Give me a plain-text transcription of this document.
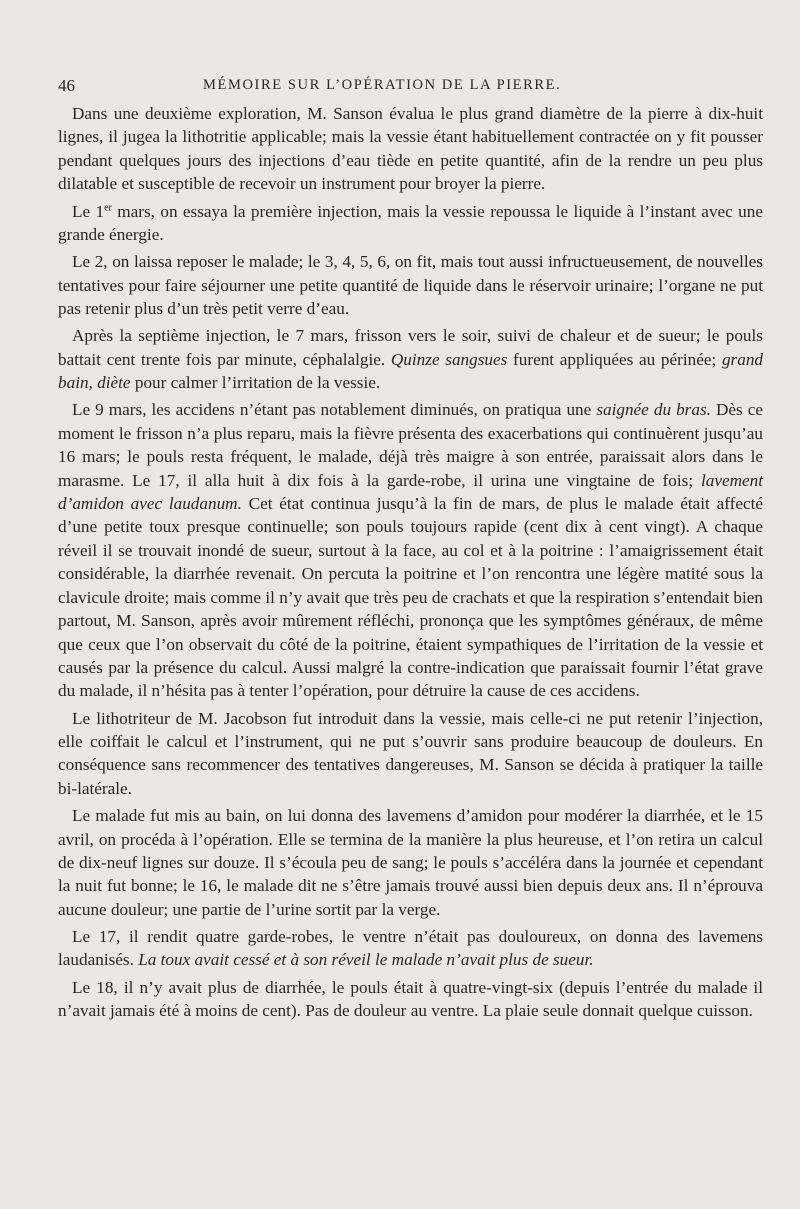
46	MÉMOIRE SUR L’OPÉRATION DE LA PIERRE.

Dans une deuxième exploration, M. Sanson évalua le plus grand diamètre de la pierre à dix-huit lignes, il jugea la lithotritie applicable; mais la vessie étant habituellement contractée on y fit pousser pendant quelques jours des injections d’eau tiède en petite quantité, afin de la rendre un peu plus dilatable et susceptible de recevoir un instrument pour broyer la pierre.

Le 1er mars, on essaya la première injection, mais la vessie repoussa le liquide à l’instant avec une grande énergie.

Le 2, on laissa reposer le malade; le 3, 4, 5, 6, on fit, mais tout aussi infructueusement, de nouvelles tentatives pour faire séjourner une petite quantité de liquide dans le réservoir urinaire; l’organe ne put pas retenir plus d’un très petit verre d’eau.

Après la septième injection, le 7 mars, frisson vers le soir, suivi de chaleur et de sueur; le pouls battait cent trente fois par minute, céphalalgie. Quinze sangsues furent appliquées au périnée; grand bain, diète pour calmer l’irritation de la vessie.

Le 9 mars, les accidens n’étant pas notablement diminués, on pratiqua une saignée du bras. Dès ce moment le frisson n’a plus reparu, mais la fièvre présenta des exacerbations qui continuèrent jusqu’au 16 mars; le pouls resta fréquent, le malade, déjà très maigre à son entrée, paraissait alors dans le marasme. Le 17, il alla huit à dix fois à la garde-robe, il urina une vingtaine de fois; lavement d’amidon avec laudanum. Cet état continua jusqu’à la fin de mars, de plus le malade était affecté d’une petite toux presque continuelle; son pouls toujours rapide (cent dix à cent vingt). A chaque réveil il se trouvait inondé de sueur, surtout à la face, au col et à la poitrine : l’amaigrissement était considérable, la diarrhée revenait. On percuta la poitrine et l’on rencontra une légère matité sous la clavicule droite; mais comme il n’y avait que très peu de crachats et que la respiration s’entendait bien partout, M. Sanson, après avoir mûrement réfléchi, prononça que les symptômes généraux, de même que ceux que l’on observait du côté de la poitrine, étaient sympathiques de l’irritation de la vessie et causés par la présence du calcul. Aussi malgré la contre-indication que paraissait fournir l’état grave du malade, il n’hésita pas à tenter l’opération, pour détruire la cause de ces accidens.

Le lithotriteur de M. Jacobson fut introduit dans la vessie, mais celle-ci ne put retenir l’injection, elle coiffait le calcul et l’instrument, qui ne put s’ouvrir sans produire beaucoup de douleurs. En conséquence sans recommencer des tentatives dangereuses, M. Sanson se décida à pratiquer la taille bi-latérale.

Le malade fut mis au bain, on lui donna des lavemens d’amidon pour modérer la diarrhée, et le 15 avril, on procéda à l’opération. Elle se termina de la manière la plus heureuse, et l’on retira un calcul de dix-neuf lignes sur douze. Il s’écoula peu de sang; le pouls s’accéléra dans la journée et cependant la nuit fut bonne; le 16, le malade dit ne s’être jamais trouvé aussi bien depuis deux ans. Il n’éprouva aucune douleur; une partie de l’urine sortit par la verge.

Le 17, il rendit quatre garde-robes, le ventre n’était pas douloureux, on donna des lavemens laudanisés. La toux avait cessé et à son réveil le malade n’avait plus de sueur.

Le 18, il n’y avait plus de diarrhée, le pouls était à quatre-vingt-six (depuis l’entrée du malade il n’avait jamais été à moins de cent). Pas de douleur au ventre. La plaie seule donnait quelque cuisson.
